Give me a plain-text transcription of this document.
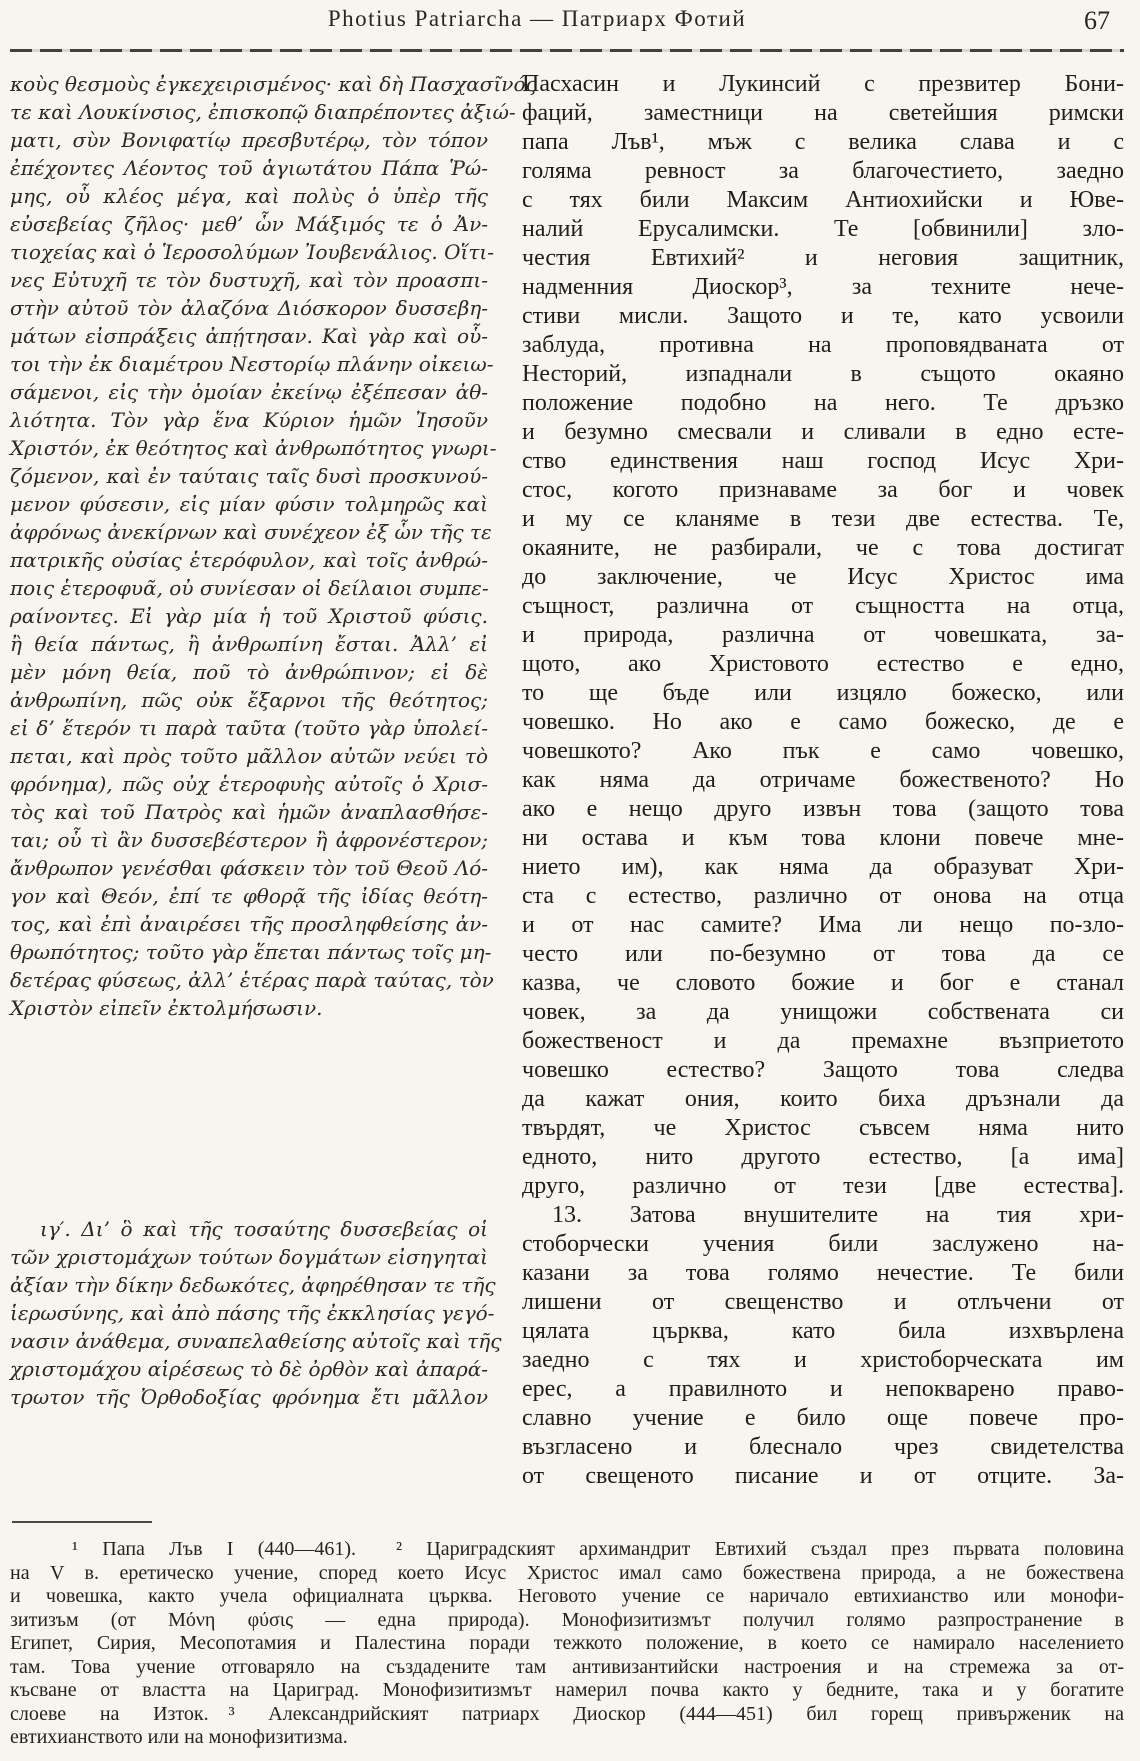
Photius Patriarcha — Патриарх Фотий	67
κοὺς θεσμοὺς ἐγκεχειρισμένος· καὶ δὴ Πασχασῖνός
τε καὶ Λουκίνσιος, ἐπισκοπῷ διαπρέποντες ἀξιώ-
ματι, σὺν Βονιφατίῳ πρεσβυτέρῳ, τὸν τόπον
ἐπέχοντες Λέοντος τοῦ ἁγιωτάτου Πάπα Ῥώ-
μης, οὗ κλέος μέγα, καὶ πολὺς ὁ ὑπὲρ τῆς
εὐσεβείας ζῆλος· μεθ’ ὧν Μάξιμός τε ὁ Ἀν-
τιοχείας καὶ ὁ Ἱεροσολύμων Ἰουβενάλιος. Οἵτι-
νες Εὐτυχῆ τε τὸν δυστυχῆ, καὶ τὸν προασπι-
στὴν αὐτοῦ τὸν ἀλαζόνα Διόσκορον δυσσεβη-
μάτων εἰσπράξεις ἀπῄτησαν. Καὶ γὰρ καὶ οὗ-
τοι τὴν ἐκ διαμέτρου Νεστορίῳ πλάνην οἰκειω-
σάμενοι, εἰς τὴν ὁμοίαν ἐκείνῳ ἐξέπεσαν ἀθ-
λιότητα. Τὸν γὰρ ἕνα Κύριον ἡμῶν Ἰησοῦν
Χριστόν, ἐκ θεότητος καὶ ἀνθρωπότητος γνωρι-
ζόμενον, καὶ ἐν ταύταις ταῖς δυσὶ προσκυνού-
μενον φύσεσιν, εἰς μίαν φύσιν τολμηρῶς καὶ
ἀφρόνως ἀνεκίρνων καὶ συνέχεον ἐξ ὧν τῆς τε
πατρικῆς οὐσίας ἑτερόφυλον, καὶ τοῖς ἀνθρώ-
ποις ἑτεροφυᾶ, οὐ συνίεσαν οἱ δείλαιοι συμπε-
ραίνοντες. Εἰ γὰρ μία ἡ τοῦ Χριστοῦ φύσις.
ἢ θεία πάντως, ἢ ἀνθρωπίνη ἔσται. Ἀλλ’ εἰ
μὲν μόνη θεία, ποῦ τὸ ἀνθρώπινον; εἰ δὲ
ἀνθρωπίνη, πῶς οὐκ ἔξαρνοι τῆς θεότητος;
εἰ δ’ ἕτερόν τι παρὰ ταῦτα (τοῦτο γὰρ ὑπολεί-
πεται, καὶ πρὸς τοῦτο μᾶλλον αὐτῶν νεύει τὸ
φρόνημα), πῶς οὐχ ἑτεροφυὴς αὐτοῖς ὁ Χρισ-
τὸς καὶ τοῦ Πατρὸς καὶ ἡμῶν ἀναπλασθήσε-
ται; οὗ τὶ ἂν δυσσεβέστερον ἢ ἀφρονέστερον;
ἄνθρωπον γενέσθαι φάσκειν τὸν τοῦ Θεοῦ Λό-
γον καὶ Θεόν, ἐπί τε φθορᾷ τῆς ἰδίας θεότη-
τος, καὶ ἐπὶ ἀναιρέσει τῆς προσληφθείσης ἀν-
θρωπότητος; τοῦτο γὰρ ἕπεται πάντως τοῖς μη-
δετέρας φύσεως, ἀλλ’ ἑτέρας παρὰ ταύτας, τὸν
Χριστὸν εἰπεῖν ἐκτολμήσωσιν.
ιγ′. Δι’ ὃ καὶ τῆς τοσαύτης δυσσεβείας οἱ
τῶν χριστομάχων τούτων δογμάτων εἰσηγηταὶ
ἀξίαν τὴν δίκην δεδωκότες, ἀφηρέθησαν τε τῆς
ἱερωσύνης, καὶ ἀπὸ πάσης τῆς ἐκκλησίας γεγό-
νασιν ἀνάθεμα, συναπελαθείσης αὐτοῖς καὶ τῆς
χριστομάχου αἱρέσεως τὸ δὲ ὀρθὸν καὶ ἀπαρά-
τρωτον τῆς Ὀρθοδοξίας φρόνημα ἔτι μᾶλλον
Пасхасин и Лукинсий с презвитер Бони-
фаций, заместници на светейшия римски
папа Лъв¹, мъж с велика слава и с
голяма ревност за благочестието, заедно
с тях били Максим Антиохийски и Юве-
налий Ерусалимски. Те [обвинили] зло-
честия Евтихий² и неговия защитник,
надменния Диоскор³, за техните нече-
стиви мисли. Защото и те, като усвоили
заблуда, противна на проповядваната от
Несторий, изпаднали в същото окаяно
положение подобно на него. Те дръзко
и безумно смесвали и сливали в едно есте-
ство единствения наш господ Исус Хри-
стос, когото признаваме за бог и човек
и му се кланяме в тези две естества. Те,
окаяните, не разбирали, че с това достигат
до заключение, че Исус Христос има
същност, различна от същността на отца,
и природа, различна от човешката, за-
щото, ако Христовото естество е едно,
то ще бъде или изцяло божеско, или
човешко. Но ако е само божеско, де е
човешкото? Ако пък е само човешко,
как няма да отричаме божественото? Но
ако е нещо друго извън това (защото това
ни остава и към това клони повече мне-
нието им), как няма да образуват Хри-
ста с естество, различно от онова на отца
и от нас самите? Има ли нещо по-зло-
често или по-безумно от това да се
казва, че словото божие и бог е станал
човек, за да унищожи собствената си
божественост и да премахне възприетото
човешко естество? Защото това следва
да кажат ония, които биха дръзнали да
твърдят, че Христос съвсем няма нито
едното, нито другото естество, [а има]
друго, различно от тези [две естества].
13. Затова внушителите на тия хри-
стоборчески учения били заслужено на-
казани за това голямо нечестие. Те били
лишени от свещенство и отлъчени от
цялата църква, като била изхвърлена
заедно с тях и христоборческата им
ерес, а правилното и непокварено право-
славно учение е било още повече про-
възгласено и блеснало чрез свидетелства
от свещеното писание и от отците. За-
¹ Папа Лъв I (440—461).  ² Цариградският архимандрит Евтихий създал през първата половина
на V в. еретическо учение, според което Исус Христос имал само божествена природа, а не божествена
и човешка, както учела официалната църква. Неговото учение се наричало евтихианство или монофи-
зитизъм (от Μόνη φύσις — една природа). Монофизитизмът получил голямо разпространение в
Египет, Сирия, Месопотамия и Палестина поради тежкото положение, в което се намирало населението
там. Това учение отговаряло на създадените там антивизантийски настроения и на стремежа за от-
късване от властта на Цариград. Монофизитизмът намерил почва както у бедните, така и у богатите
слоеве на Изток. ³ Александрийският патриарх Диоскор (444—451) бил горещ привърженик на
евтихианството или на монофизитизма.
